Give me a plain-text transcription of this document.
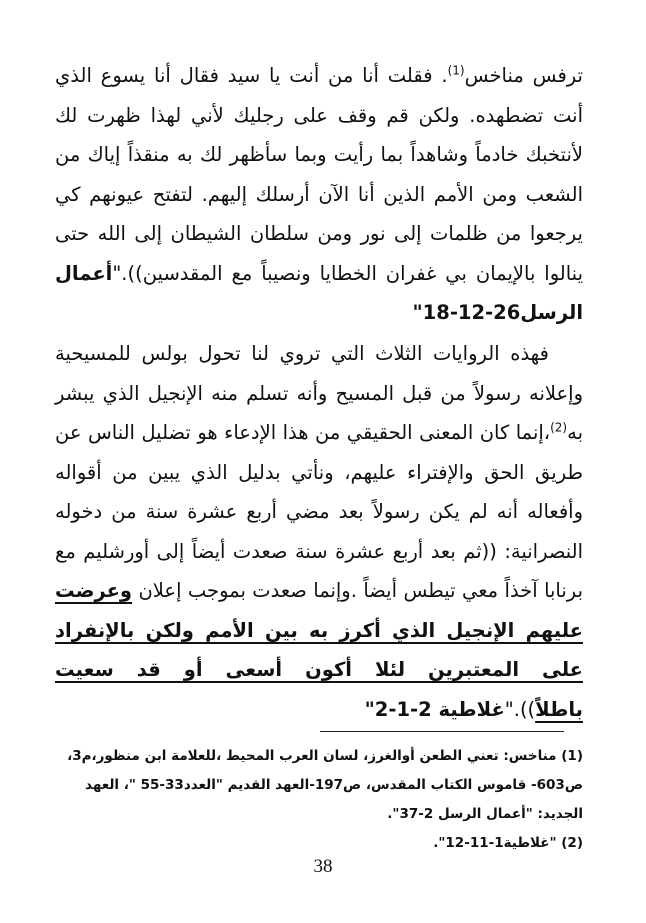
ترفس مناخس$^{(1)}$. فقلت أنا من أنت يا سيد فقال أنا يسوع الذي أنت تضطهده. ولكن قم وقف على رجليك لأني لهذا ظهرت لك لأنتخبك خادماً وشاهداً بما رأيت وبما سأظهر لك به منقذاً إياك من الشعب ومن الأمم الذين أنا الآن أرسلك إليهم. لتفتح عيونهم كي يرجعوا من ظلمات إلى نور ومن سلطان الشيطان إلى الله حتى ينالوا بالإيمان بي غفران الخطايا ونصيباً مع المقدسين))."أعمال الرسل26-12-18"

فهذه الروايات الثلاث التي تروي لنا تحول بولس للمسيحية وإعلانه رسولاً من قبل المسيح وأنه تسلم منه الإنجيل الذي يبشر به$^{(2)}$،إنما كان المعنى الحقيقي من هذا الإدعاء هو تضليل الناس عن طريق الحق والإفتراء عليهم، ونأتي بدليل الذي يبين من أقواله وأفعاله أنه لم يكن رسولاً بعد مضي أربع عشرة سنة من دخوله النصرانية: ((ثم بعد أربع عشرة سنة صعدت أيضاً إلى أورشليم مع برنابا آخذاً معي تيطس أيضاً .وإنما صعدت بموجب إعلان وعرضت عليهم الإنجيل الذي أكرز به بين الأمم ولكن بالإنفراد على المعتبرين لئلا أكون أسعى أو قد سعيت باطلاً))."غلاطية 2-1-2"

(1) مناخس: تعني الطعن أوالغرز، لسان العرب المحيط ،للعلامة ابن منظور،م3، ص603- قاموس الكتاب المقدس، ص197-العهد القديم "العدد33-55 "، العهد الجديد: "أعمال الرسل 2-37".

(2) "غلاطية1-11-12".

38
